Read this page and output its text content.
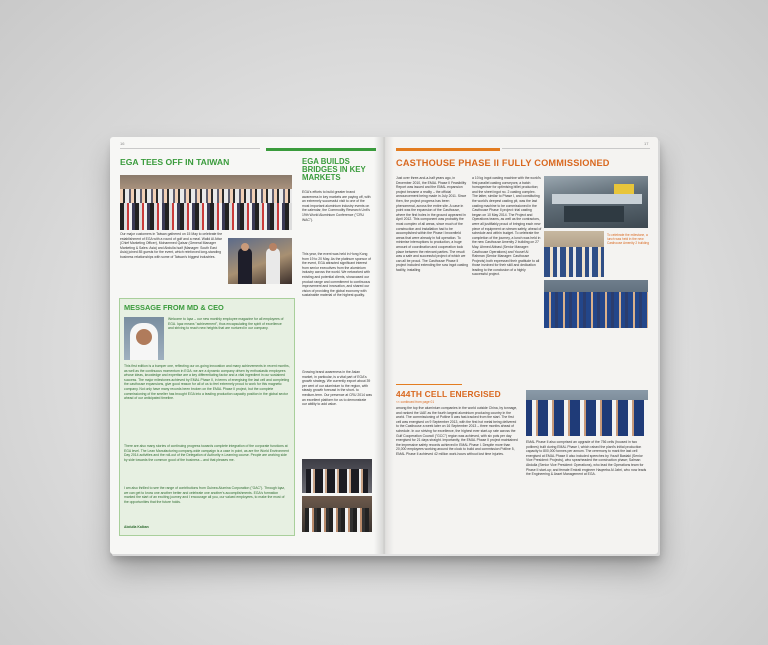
16	17
EGA TEES OFF IN TAIWAN
Our major customers in Taiwan gathered on 15 May to celebrate the establishment of EGA with a round of golf and a meal. Walid Al Attar (Chief Marketing Officer), Mohammed Qaisar (General Manager Marketing & Sales: Asia) and Abdulla Isaif (Manager: South East Asia) joined 85 guests for the event, which reinforced long-standing business relationships with some of Taiwan's biggest industries.
MESSAGE FROM MD & CEO
Welcome to Iqaz – our new monthly employee magazine for all employees of EGA. Iqaz means "achievement", thus encapsulating the spirit of excellence and striving to reach new heights that are nurtured in our company.
This first edition is a bumper one, reflecting our on-going innovation and many achievements in recent months, as well as the continuous momentum in EGA: we are a dynamic company driven by enthusiastic employees whose ideas, knowledge and expertise are a key differentiating factor and a vital ingredient in our sustained success. The major milestones achieved by EMAL Phase II, in terms of energising the last cell and completing the casthouse expansions, give good reason for all of us to feel extremely proud to work for this magnetic company. Not only have many records been broken on the EMAL Phase II project, but the complete commissioning of the smelter has brought EGA into a leading production capacity position in the global sector ahead of our anticipated timeline.
There are also many stories of continuing progress towards complete integration of the corporate functions at EGA level. The Lean Manufacturing company-wide campaign is a case in point, as are the World Environment Day 2014 activities and the roll-out of the Delegation of Authority e-Learning course. People are working side by side towards the common good of the business – and that pleases me.
I am also thrilled to see the range of contributions from Guinea Alumina Corporation ("GAC"). Through Iqaz, we can get to know one another better and celebrate one another's accomplishments. EGA's formation marked the start of an exciting journey and I encourage all you, our valued employees, to make the most of the opportunities that the future holds.
Abdulla Kalban
EGA BUILDS BRIDGES IN KEY MARKETS
EGA's efforts to build greater brand awareness in key markets are paying off, with an extremely successful visit to one of the most important aluminium industry events on the calendar, the Commodity Research Unit's 19th World Aluminium Conference ("CRU WAC").
This year, the event was held in Hong Kong from 19 to 20 May. As the platinum sponsor of the event, EGA attracted significant interest from senior executives from the aluminium industry across the world. We networked with existing and potential clients, showcased our product range and commitment to continuous improvement and innovation, and shared our vision of providing the global economy with sustainable material of the highest quality.
Growing brand awareness in the Asian market, in particular, is a vital part of EGA's growth strategy. We currently export about 39 per cent of our aluminium to the region, with steady growth forecast in the short- to medium-term. Our presence at CRU 2014 was an excellent platform for us to demonstrate our ability to add value.
CASTHOUSE PHASE II FULLY COMMISSIONED
Just over three-and-a-half years ago, in December 2010, the EMAL Phase II Feasibility Report was issued and the EMAL expansion project became a reality – the official announcement being made in July 2011. Since then, the project progress has been phenomenal, across the entire site. A case in point was the expansion of the Casthouse, where the first holes in the ground appeared in April 2012. This component was probably the most complex of all areas, since much of the construction and installation had to be accomplished within the Phase I brownfield areas that were already in full operation. To minimise interruptions to production, a huge amount of coordination and cooperation took place between the relevant parties. The result was a safe and successful project of which we can all be proud. The Casthouse Phase II project included extending the sow ingot casting facility, installing
a 10 kg ingot casting machine with the world's first parallel casting conveyors; a batch homogeniser for optimising billet production; and the sheet ingot no. 2 casting complex. The latter, similar to Phase I, and constituting the world's deepest casting pit, was the last casting machine to be commissioned in the Casthouse Phase II project: trial casting began on 10 May 2014. The Project and Operations teams, as well as the contractors, were all justifiably proud of bringing each new piece of equipment on stream safely, ahead of schedule and within budget. To celebrate the completion of the journey, a lunch was held in the new Casthouse Amenity 2 building on 27 May. Ahmed Abbasi (Senior Manager: Casthouse Operations) and Yousef Al Rahman (Senior Manager: Casthouse Projects) both expressed their gratitude to all those involved for their skill and dedication leading to the conclusion of a highly successful project.
To celebrate the milestone, a lunch was held in the new Casthouse Amenity 2 building
444TH CELL ENERGISED
<< continued from page 01
among the top five aluminium companies in the world outside China, by tonnage, and ranked the UAE as the fourth largest aluminium producing country in the world. The commissioning of Potline 5 was fast-tracked from the start. The first cell was energised on 9 September 2013, with the first hot metal being delivered to the Casthouse a week later on 16 September 2013 – three months ahead of schedule. In our striving for excellence, the highest ever start-up rate across the Gulf Cooperation Council ("GCC") region was achieved, with six pots per day energised for 21 days straight. Importantly, the EMAL Phase II project maintained the impressive safety records achieved in EMAL Phase I. Despite more than 20,000 employees working around the clock to build and commission Potline 5, EMAL Phase II achieved 42 million work-hours without lost time injuries.
EMAL Phase II also comprised an upgrade of the 756 cells (housed in two potlines) built during EMAL Phase I, which raised the plant's initial production capacity to 800,000 tonnes per annum. The ceremony to mark the last cell energised at EMAL Phase II also included speeches by Yousif Bastaki (Senior Vice President: Projects), who spearheaded the construction phase; Salman Abdulla (Senior Vice President: Operations), who lead the Operations team for Phase II start-up; and female Emirati engineer Haqeeba Al Jabri, who now leads the Engineering & Asset Management at EGA.
